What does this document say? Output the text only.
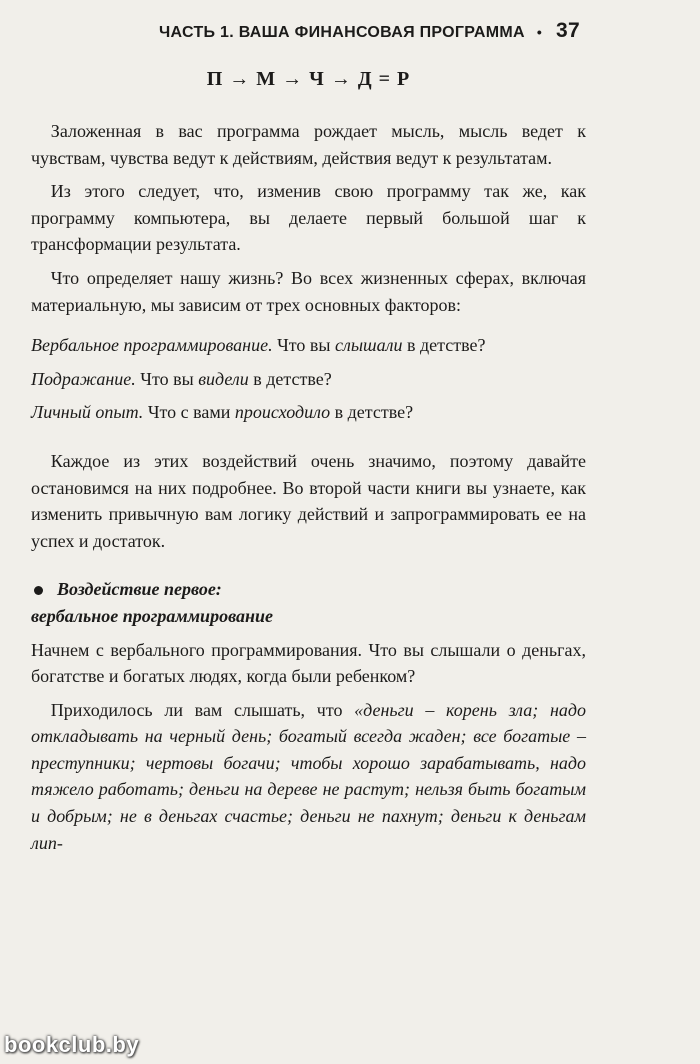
ЧАСТЬ 1. ВАША ФИНАНСОВАЯ ПРОГРАММА • 37
П → М → Ч → Д = Р

Заложенная в вас программа рождает мысль, мысль ведет к чувствам, чувства ведут к действиям, действия ведут к результатам.

Из этого следует, что, изменив свою программу так же, как программу компьютера, вы делаете первый большой шаг к трансформации результата.

Что определяет нашу жизнь? Во всех жизненных сферах, включая материальную, мы зависим от трех основных факторов:

Вербальное программирование. Что вы слышали в детстве?

Подражание. Что вы видели в детстве?

Личный опыт. Что с вами происходило в детстве?

Каждое из этих воздействий очень значимо, поэтому давайте остановимся на них подробнее. Во второй части книги вы узнаете, как изменить привычную вам логику действий и запрограммировать ее на успех и достаток.

Воздействие первое:
вербальное программирование

Начнем с вербального программирования. Что вы слышали о деньгах, богатстве и богатых людях, когда были ребенком?

Приходилось ли вам слышать, что «деньги – корень зла; надо откладывать на черный день; богатый всегда жаден; все богатые – преступники; чертовы богачи; чтобы хорошо зарабатывать, надо тяжело работать; деньги на дереве не растут; нельзя быть богатым и добрым; не в деньгах счастье; деньги не пахнут; деньги к деньгам лип-

bookclub.by
